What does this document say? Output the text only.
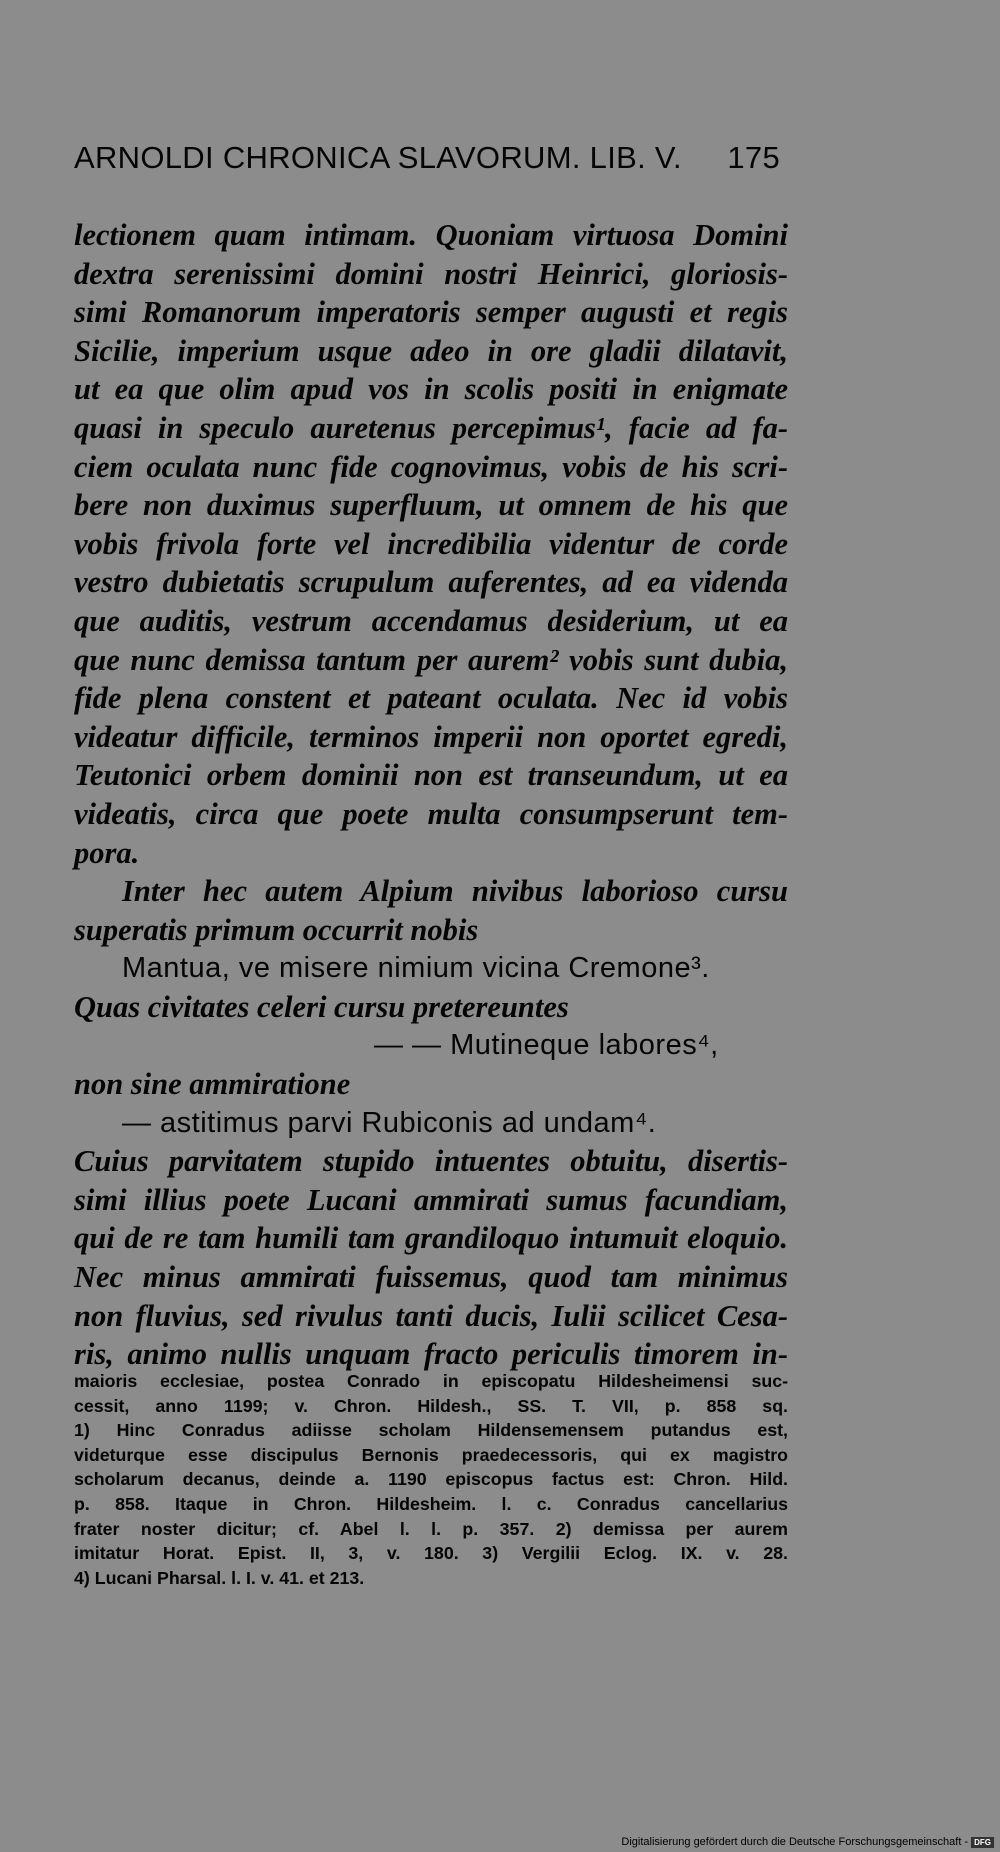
ARNOLDI CHRONICA SLAVORUM. LIB. V. 175
lectionem quam intimam. Quoniam virtuosa Domini
dextra serenissimi domini nostri Heinrici, gloriosis-
simi Romanorum imperatoris semper augusti et regis
Sicilie, imperium usque adeo in ore gladii dilatavit,
ut ea que olim apud vos in scolis positi in enigmate
quasi in speculo auretenus percepimus¹, facie ad fa-
ciem oculata nunc fide cognovimus, vobis de his scri-
bere non duximus superfluum, ut omnem de his que
vobis frivola forte vel incredibilia videntur de corde
vestro dubietatis scrupulum auferentes, ad ea videnda
que auditis, vestrum accendamus desiderium, ut ea
que nunc demissa tantum per aurem² vobis sunt dubia,
fide plena constent et pateant oculata. Nec id vobis
videatur difficile, terminos imperii non oportet egredi,
Teutonici orbem dominii non est transeundum, ut ea
videatis, circa que poete multa consumpserunt tem-
pora.
Inter hec autem Alpium nivibus laborioso cursu
superatis primum occurrit nobis
Mantua, ve misere nimium vicina Cremone³.
Quas civitates celeri cursu pretereuntes
— — Mutineque labores⁴,
non sine ammiratione
— astitimus parvi Rubiconis ad undam⁴.
Cuius parvitatem stupido intuentes obtuitu, disertis-
simi illius poete Lucani ammirati sumus facundiam,
qui de re tam humili tam grandiloquo intumuit eloquio.
Nec minus ammirati fuissemus, quod tam minimus
non fluvius, sed rivulus tanti ducis, Iulii scilicet Cesa-
ris, animo nullis unquam fracto periculis timorem in-
maioris ecclesiae, postea Conrado in episcopatu Hildesheimensi suc-
cessit, anno 1199; v. Chron. Hildesh., SS. T. VII, p. 858 sq.
1) Hinc Conradus adiisse scholam Hildensemensem putandus est,
videturque esse discipulus Bernonis praedecessoris, qui ex magistro
scholarum decanus, deinde a. 1190 episcopus factus est: Chron. Hild.
p. 858. Itaque in Chron. Hildesheim. l. c. Conradus cancellarius
frater noster dicitur; cf. Abel l. l. p. 357. 2) demissa per aurem
imitatur Horat. Epist. II, 3, v. 180. 3) Vergilii Eclog. IX. v. 28.
4) Lucani Pharsal. l. I. v. 41. et 213.
Digitalisierung gefördert durch die Deutsche Forschungsgemeinschaft - DFG
